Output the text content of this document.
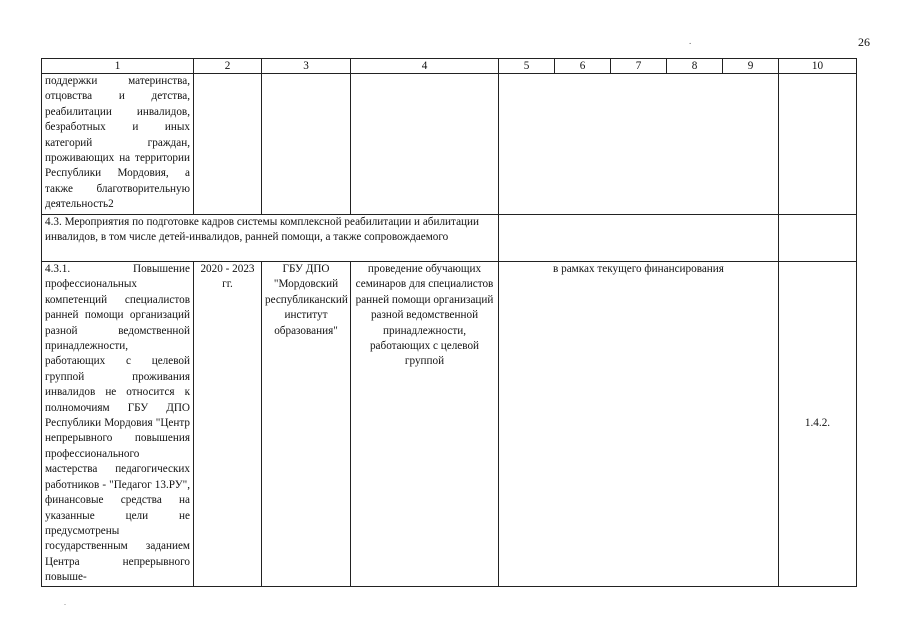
26
.
.
1	2	3	4	5	6	7	8	9	10
поддержки материнства, отцовства и детства, реабилитации инвалидов, безработных и иных категорий граждан, проживающих на территории Республики Мордовия, а также благотворительную деятельность2									
4.3. Мероприятия по подготовке кадров системы комплексной реабилитации и абилитации инвалидов, в том числе детей-инвалидов, ранней помощи, а также сопровождаемого									
4.3.1. Повышение профессиональных компетенций специалистов ранней помощи организаций разной ведомственной принадлежности, работающих с целевой группой проживания инвалидов не относится к полномочиям ГБУ ДПО Республики Мордовия "Центр непрерывного повышения профессионального мастерства педагогических работников - "Педагог 13.РУ", финансовые средства на указанные цели не предусмотрены государственным заданием Центра непрерывного повыше-	2020 - 2023 гг.	ГБУ ДПО "Мордовский республиканский институт образования"	проведение обучающих семинаров для специалистов ранней помощи организаций разной ведомственной принадлежности, работающих с целевой группой	в рамках текущего финансирования					1.4.2.
